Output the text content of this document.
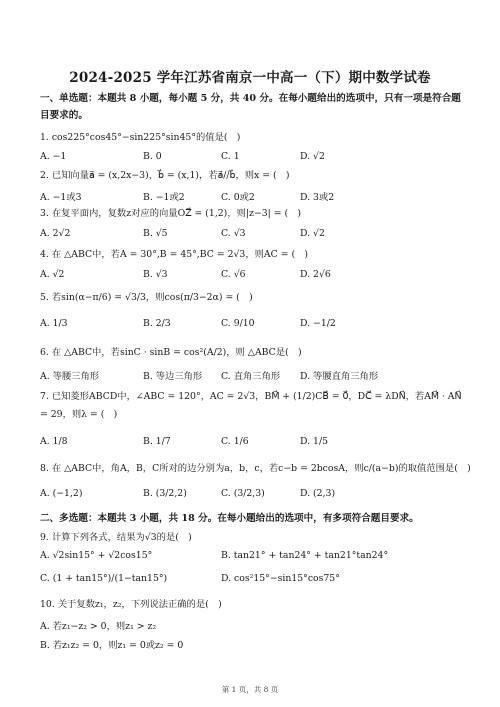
2024-2025 学年江苏省南京一中高一（下）期中数学试卷
一、单选题：本题共 8 小题，每小题 5 分，共 40 分。在每小题给出的选项中，只有一项是符合题目要求的。
1. cos225°cos45°−sin225°sin45°的值是(　)
A. −1	B. 0	C. 1	D. √2
2. 已知向量a⃗ = (x,2x−3)，b⃗ = (x,1)，若a⃗//b⃗，则x = (　)
A. −1或3	B. −1或2	C. 0或2	D. 3或2
3. 在复平面内，复数z对应的向量OZ⃗ = (1,2)，则|z−3| = (　)
A. 2√2	B. √5	C. √3	D. √2
4. 在 △ABC中，若A = 30°,B = 45°,BC = 2√3，则AC = (　)
A. √2	B. √3	C. √6	D. 2√6
5. 若sin(α−π/6) = √3/3，则cos(π/3−2α) = (　)
A. 1/3	B. 2/3	C. 9/10	D. −1/2
6. 在 △ABC中，若sinC · sinB = cos²(A/2)，则 △ABC是(　)
A. 等腰三角形	B. 等边三角形 C. 直角三角形 D. 等腰直角三角形
7. 已知菱形ABCD中，∠ABC = 120°，AC = 2√3，BM⃗ + (1/2)CB⃗ = 0⃗，DC⃗ = λDN⃗，若AM⃗ · AN⃗ = 29，则λ = (　)
A. 1/8	B. 1/7	C. 1/6	D. 1/5
8. 在 △ABC中，角A，B，C所对的边分别为a，b，c，若c−b = 2bcosA，则c/(a−b)的取值范围是(　)
A. (−1,2)	B. (3/2,2)	C. (3/2,3)	D. (2,3)
二、多选题：本题共 3 小题，共 18 分。在每小题给出的选项中，有多项符合题目要求。
9. 计算下列各式，结果为√3的是(　)
A. √2sin15° + √2cos15°	B. tan21° + tan24° + tan21°tan24°
C. (1 + tan15°)/(1−tan15°)	D. cos²15°−sin15°cos75°
10. 关于复数z₁，z₂，下列说法正确的是(　)
A. 若z₁−z₂ > 0，则z₁ > z₂
B. 若z₁z₂ = 0，则z₁ = 0或z₂ = 0
第 1 页，共 8 页
